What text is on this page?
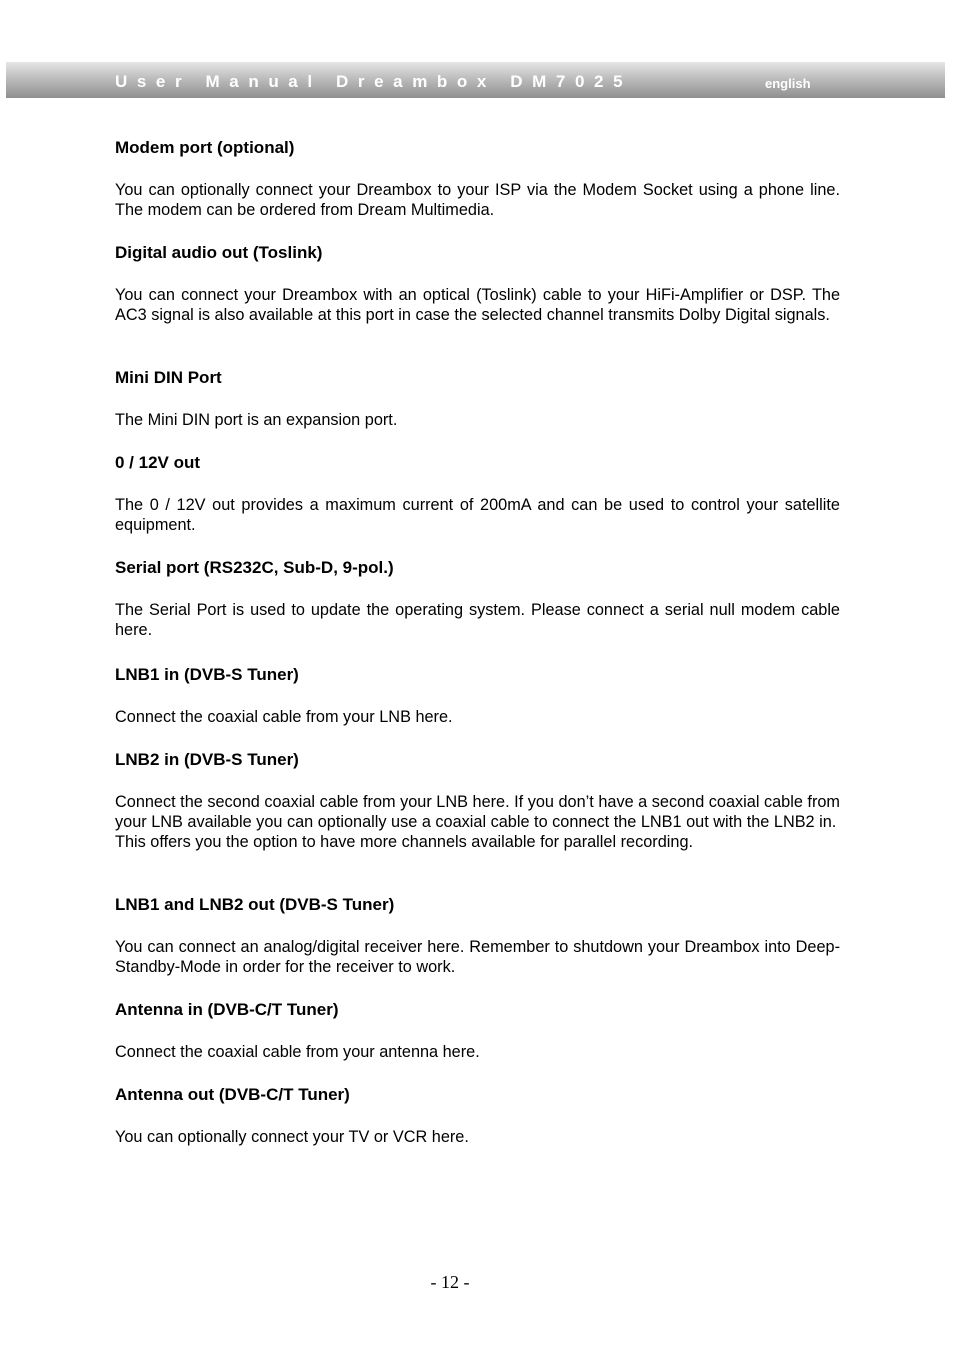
User Manual Dreambox DM7025	english
Modem port (optional)

You can optionally connect your Dreambox to your ISP via the Modem Socket using a phone line. The modem can be ordered from Dream Multimedia.

Digital audio out (Toslink)

You can connect your Dreambox with an optical (Toslink) cable to your HiFi-Amplifier or DSP. The AC3 signal is also available at this port in case the selected channel transmits Dolby Digital signals.

Mini DIN Port

The Mini DIN port is an expansion port.

0 / 12V out

The 0 / 12V out provides a maximum current of 200mA and can be used to control your satellite equipment.

Serial port (RS232C, Sub-D, 9-pol.)

The Serial Port is used to update the operating system. Please connect a serial null modem cable here.

LNB1 in (DVB-S Tuner)

Connect the coaxial cable from your LNB here.

LNB2 in (DVB-S Tuner)

Connect the second coaxial cable from your LNB here. If you don’t have a second coaxial cable from your LNB available you can optionally use a coaxial cable to connect the LNB1 out with the LNB2 in.

This offers you the option to have more channels available for parallel recording.

LNB1 and LNB2 out (DVB-S Tuner)

You can connect an analog/digital receiver here. Remember to shutdown your Dreambox into Deep-Standby-Mode in order for the receiver to work.

Antenna in (DVB-C/T Tuner)

Connect the coaxial cable from your antenna here.

Antenna out (DVB-C/T Tuner)

You can optionally connect your TV or VCR here.

- 12 -
